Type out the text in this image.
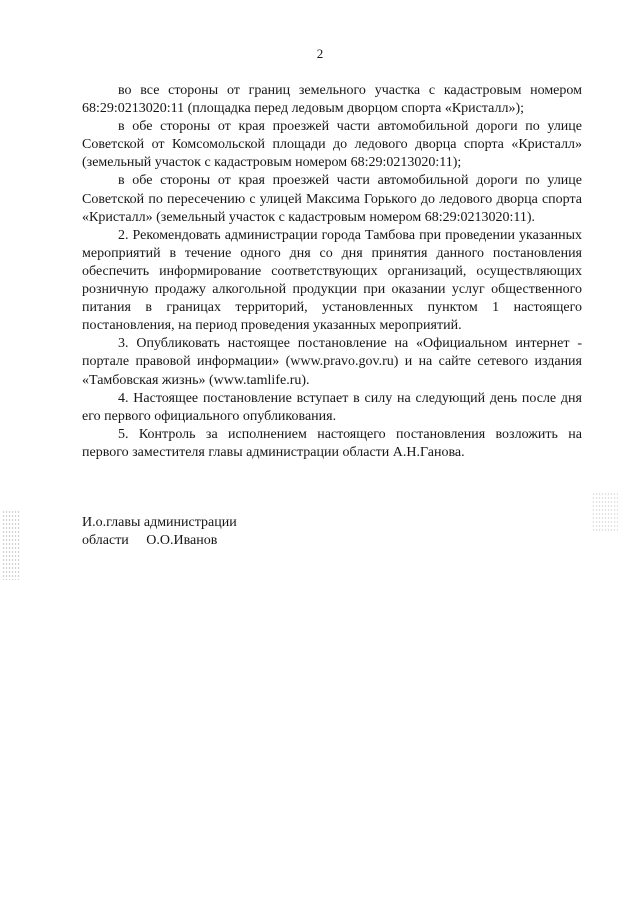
2

во все стороны от границ земельного участка с кадастровым номером 68:29:0213020:11 (площадка перед ледовым дворцом спорта «Кристалл»);

в обе стороны от края проезжей части автомобильной дороги по улице Советской от Комсомольской площади до ледового дворца спорта «Кристалл» (земельный участок с кадастровым номером 68:29:0213020:11);

в обе стороны от края проезжей части автомобильной дороги по улице Советской по пересечению с улицей Максима Горького до ледового дворца спорта «Кристалл» (земельный участок с кадастровым номером 68:29:0213020:11).

2. Рекомендовать администрации города Тамбова при проведении указанных мероприятий в течение одного дня со дня принятия данного постановления обеспечить информирование соответствующих организаций, осуществляющих розничную продажу алкогольной продукции при оказании услуг общественного питания в границах территорий, установленных пунктом 1 настоящего постановления, на период проведения указанных мероприятий.

3. Опубликовать настоящее постановление на «Официальном интернет - портале правовой информации» (www.pravo.gov.ru) и на сайте сетевого издания «Тамбовская жизнь» (www.tamlife.ru).

4. Настоящее постановление вступает в силу на следующий день после дня его первого официального опубликования.

5. Контроль за исполнением настоящего постановления возложить на первого заместителя главы администрации области А.Н.Ганова.

И.о.главы администрации
области     О.О.Иванов
